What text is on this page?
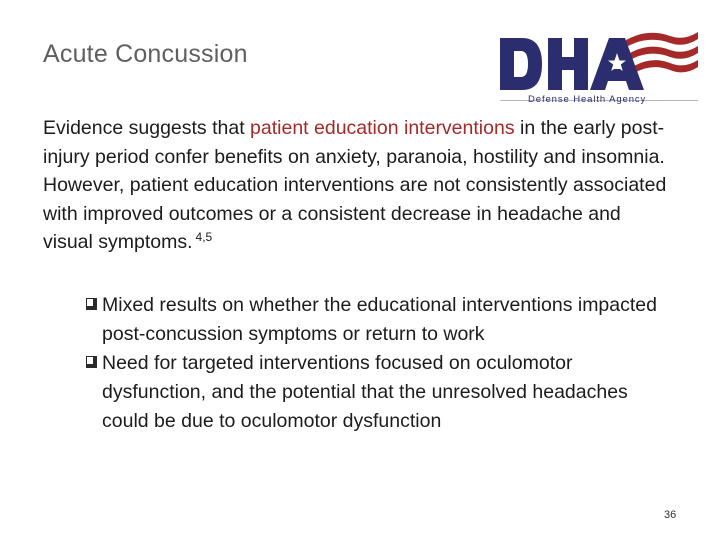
Acute Concussion
Defense Health Agency

Evidence suggests that patient education interventions in the early post-injury period confer benefits on anxiety, paranoia, hostility and insomnia. However, patient education interventions are not consistently associated with improved outcomes or a consistent decrease in headache and visual symptoms. $^{4,5}$

Mixed results on whether the educational interventions impacted post-concussion symptoms or return to work
Need for targeted interventions focused on oculomotor dysfunction, and the potential that the unresolved headaches could be due to oculomotor dysfunction
36
